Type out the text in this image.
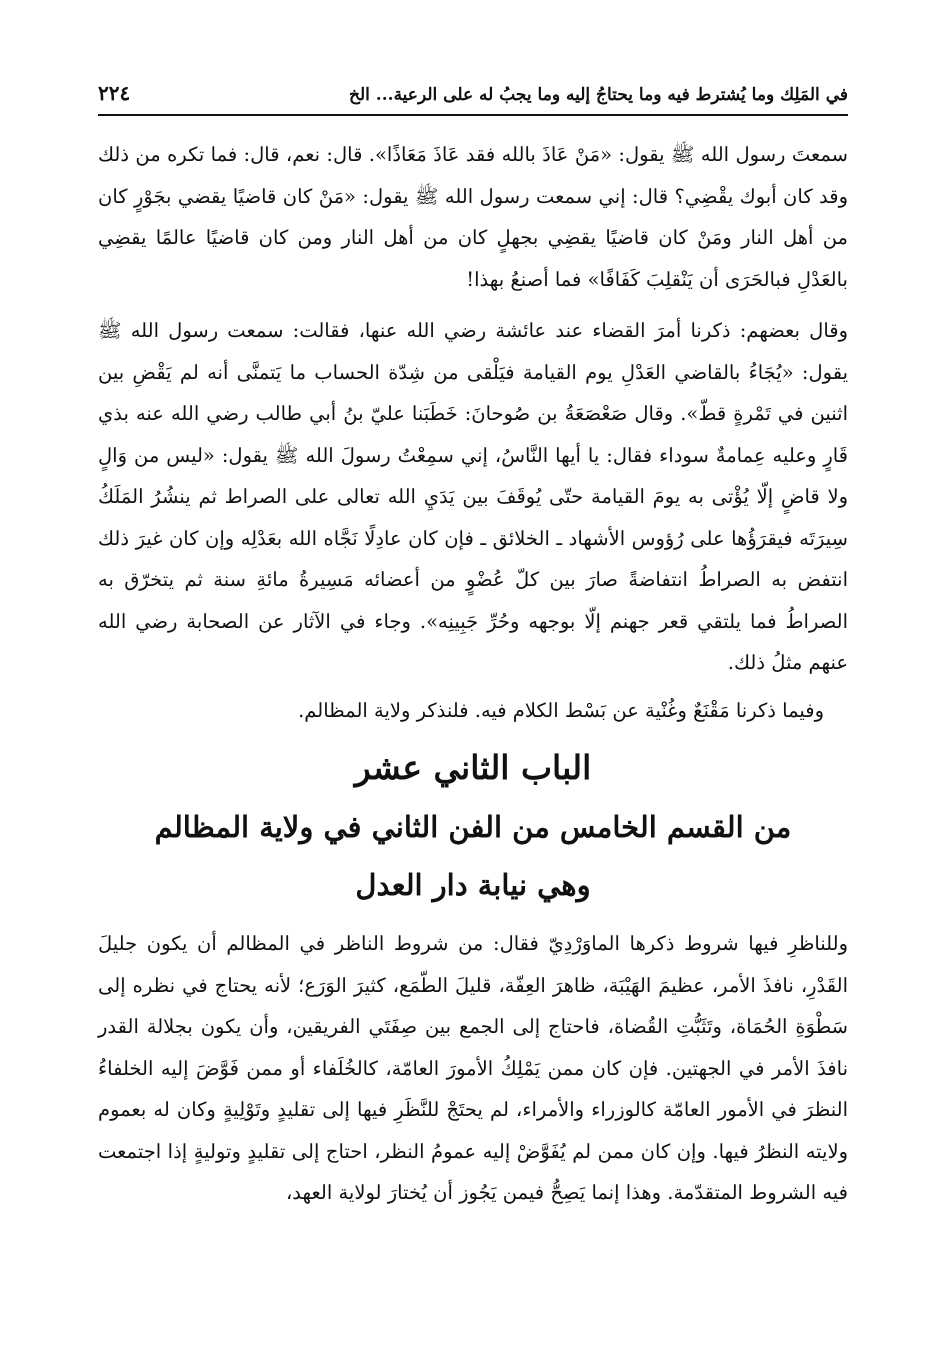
في المَلِك وما يُشترط فيه وما يحتاجُ إليه وما يجبُ له على الرعية... الخ
٢٢٤

سمعتَ رسول الله ﷺ يقول: «مَنْ عَاذَ بالله فقد عَاذَ مَعَاذًا». قال: نعم، قال: فما تكره من ذلك وقد كان أبوك يقْضِي؟ قال: إني سمعت رسول الله ﷺ يقول: «مَنْ كان قاضيًا يقضي بجَوْرٍ كان من أهل النار ومَنْ كان قاضيًا يقضِي بجهلٍ كان من أهل النار ومن كان قاضيًا عالمًا يقضِي بالعَدْلِ فبالحَرَى أن يَنْقلِبَ كَفَافًا» فما أصنعُ بهذا!

وقال بعضهم: ذكرنا أمرَ القضاء عند عائشة رضي الله عنها، فقالت: سمعت رسول الله ﷺ يقول: «يُجَاءُ بالقاضي العَدْلِ يوم القيامة فيَلْقى من شِدّة الحساب ما يَتمنَّى أنه لم يَقْضِ بين اثنين في تَمْرةٍ قطّ». وقال صَعْصَعَةُ بن صُوحانَ: خَطَبَنا عليّ بنُ أبي طالب رضي الله عنه بذي قَارٍ وعليه عِمامةٌ سوداء فقال: يا أيها النَّاسُ، إني سمِعْتُ رسولَ الله ﷺ يقول: «ليس من وَالٍ ولا قاضٍ إلّا يُؤْتى به يومَ القيامة حتّى يُوقَفَ بين يَدَيِ الله تعالى على الصراط ثم ينشُرُ المَلَكُ سِيرَتَه فيقرَؤُها على رُؤوس الأشهاد ـ الخلائق ـ فإن كان عادِلًا نَجَّاه الله بعَدْلِه وإن كان غيرَ ذلك انتفض به الصراطُ انتفاضةً صارَ بين كلّ عُضْوٍ من أعضائه مَسِيرةُ مائةِ سنة ثم يتخرّق به الصراطُ فما يلتقي قعر جهنم إلّا بوجهه وحُرِّ جَبِينِه». وجاء في الآثار عن الصحابة رضي الله عنهم مثلُ ذلك.

وفيما ذكرنا مَقْنَعٌ وغُنْية عن بَسْط الكلام فيه. فلنذكر ولاية المظالم.

الباب الثاني عشر

من القسم الخامس من الفن الثاني في ولاية المظالم

وهي نيابة دار العدل

وللناظرِ فيها شروط ذكرها الماوَرْدِيّ فقال: من شروط الناظر في المظالم أن يكون جليلَ القَدْرِ، نافذَ الأمر، عظيمَ الهَيْبَة، ظاهرَ العِفّة، قليلَ الطّمَع، كثيرَ الوَرَع؛ لأنه يحتاج في نظره إلى سَطْوَةِ الحُمَاة، وتَثَبُّتِ القُضاة، فاحتاج إلى الجمع بين صِفَتَي الفريقين، وأن يكون بجلالة القدر نافذَ الأمر في الجهتين. فإن كان ممن يَمْلِكُ الأمورَ العامّة، كالخُلَفاء أو ممن فَوَّضَ إليه الخلفاءُ النظرَ في الأمور العامّة كالوزراء والأمراء، لم يحتَجْ للنَّظَرِ فيها إلى تقليدٍ وتَوْلِيةٍ وكان له بعموم ولايته النظرُ فيها. وإن كان ممن لم يُفَوَّضْ إليه عمومُ النظر، احتاج إلى تقليدٍ وتوليةٍ إذا اجتمعت فيه الشروط المتقدّمة. وهذا إنما يَصِحُّ فيمن يَجُوز أن يُختارَ لولاية العهد،
